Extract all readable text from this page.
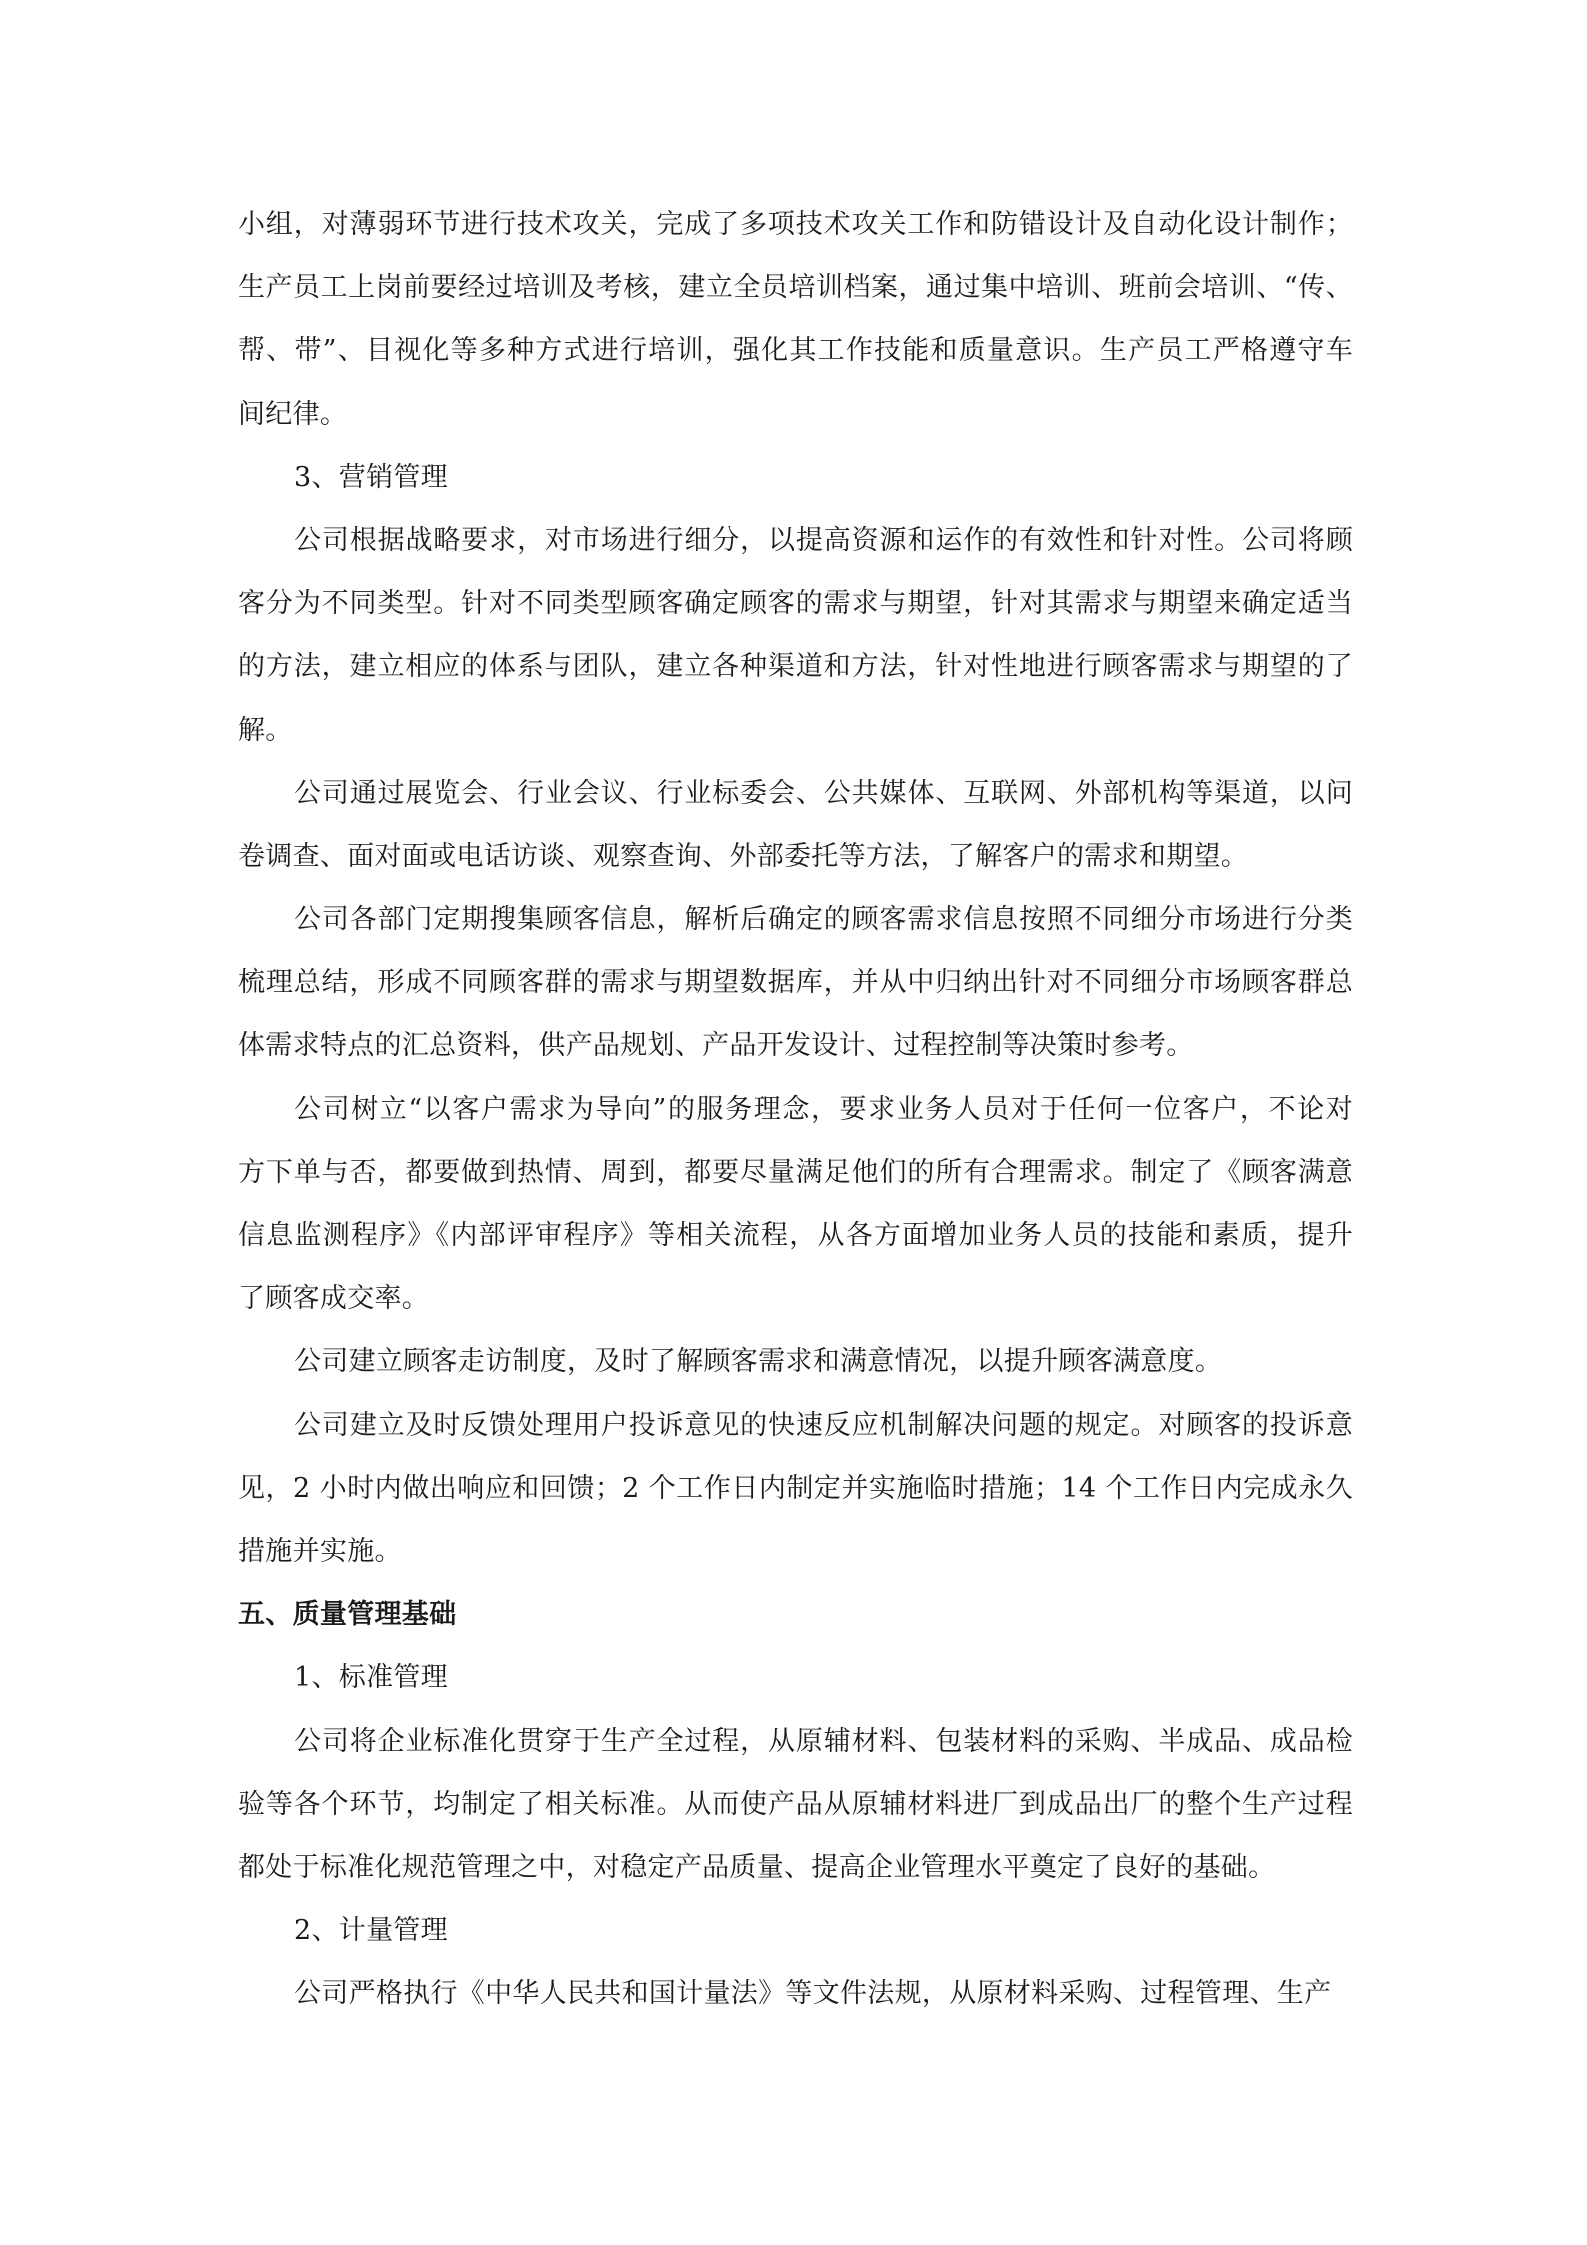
小组，对薄弱环节进行技术攻关，完成了多项技术攻关工作和防错设计及自动化设计制作；
生产员工上岗前要经过培训及考核，建立全员培训档案，通过集中培训、班前会培训、“传、
帮、带”、目视化等多种方式进行培训，强化其工作技能和质量意识。生产员工严格遵守车
间纪律。
3、营销管理
公司根据战略要求，对市场进行细分，以提高资源和运作的有效性和针对性。公司将顾
客分为不同类型。针对不同类型顾客确定顾客的需求与期望，针对其需求与期望来确定适当
的方法，建立相应的体系与团队，建立各种渠道和方法，针对性地进行顾客需求与期望的了
解。
公司通过展览会、行业会议、行业标委会、公共媒体、互联网、外部机构等渠道，以问
卷调查、面对面或电话访谈、观察查询、外部委托等方法，了解客户的需求和期望。
公司各部门定期搜集顾客信息，解析后确定的顾客需求信息按照不同细分市场进行分类
梳理总结，形成不同顾客群的需求与期望数据库，并从中归纳出针对不同细分市场顾客群总
体需求特点的汇总资料，供产品规划、产品开发设计、过程控制等决策时参考。
公司树立“以客户需求为导向”的服务理念，要求业务人员对于任何一位客户，不论对
方下单与否，都要做到热情、周到，都要尽量满足他们的所有合理需求。制定了《顾客满意
信息监测程序》《内部评审程序》等相关流程，从各方面增加业务人员的技能和素质，提升
了顾客成交率。
公司建立顾客走访制度，及时了解顾客需求和满意情况，以提升顾客满意度。
公司建立及时反馈处理用户投诉意见的快速反应机制解决问题的规定。对顾客的投诉意
见，2 小时内做出响应和回馈；2 个工作日内制定并实施临时措施；14 个工作日内完成永久
措施并实施。
五、质量管理基础
1、标准管理
公司将企业标准化贯穿于生产全过程，从原辅材料、包装材料的采购、半成品、成品检
验等各个环节，均制定了相关标准。从而使产品从原辅材料进厂到成品出厂的整个生产过程
都处于标准化规范管理之中，对稳定产品质量、提高企业管理水平奠定了良好的基础。
2、计量管理
公司严格执行《中华人民共和国计量法》等文件法规，从原材料采购、过程管理、生产
